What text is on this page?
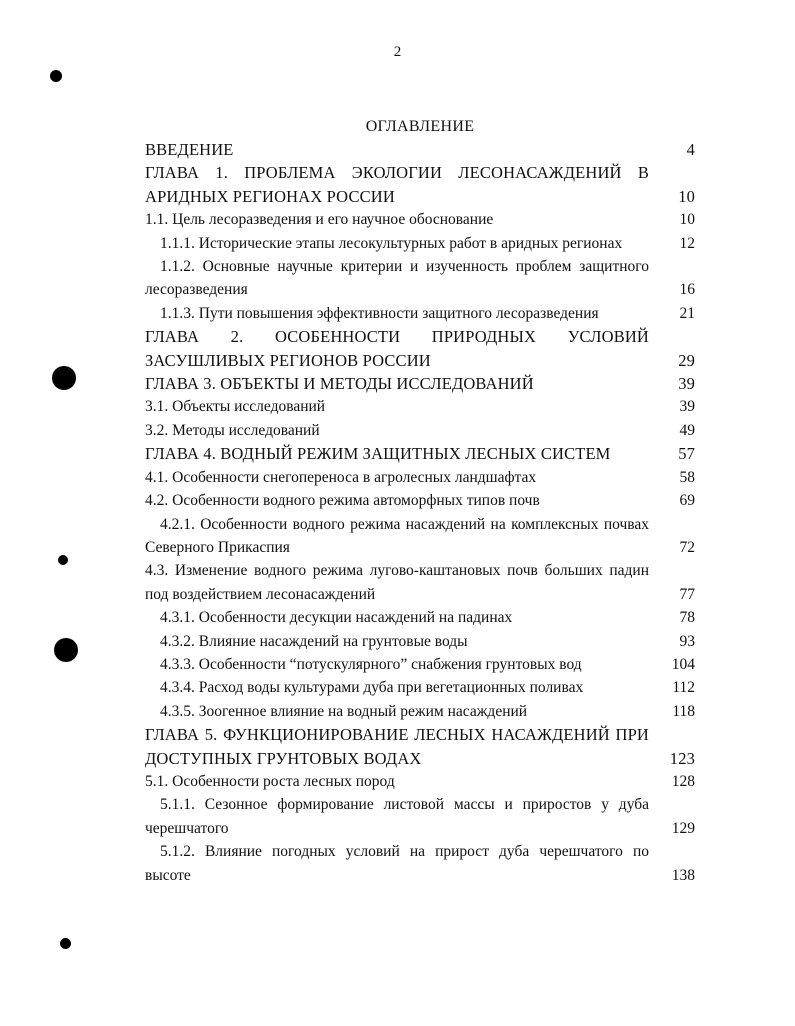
2
ОГЛАВЛЕНИЕ
ВВЕДЕНИЕ	4
ГЛАВА 1. ПРОБЛЕМА ЭКОЛОГИИ ЛЕСОНАСАЖДЕНИЙ В АРИДНЫХ РЕГИОНАХ РОССИИ	10
1.1. Цель лесоразведения и его научное обоснование	10
1.1.1. Исторические этапы лесокультурных работ в аридных регионах	12
1.1.2. Основные научные критерии и изученность проблем защитного лесоразведения	16
1.1.3. Пути повышения эффективности защитного лесоразведения	21
ГЛАВА 2. ОСОБЕННОСТИ ПРИРОДНЫХ УСЛОВИЙ ЗАСУШЛИВЫХ РЕГИОНОВ РОССИИ	29
ГЛАВА 3. ОБЪЕКТЫ И МЕТОДЫ ИССЛЕДОВАНИЙ	39
3.1. Объекты исследований	39
3.2. Методы исследований	49
ГЛАВА 4. ВОДНЫЙ РЕЖИМ ЗАЩИТНЫХ ЛЕСНЫХ СИСТЕМ	57
4.1. Особенности снегопереноса в агролесных ландшафтах	58
4.2. Особенности водного режима автоморфных типов почв	69
4.2.1. Особенности водного режима насаждений на комплексных почвах Северного Прикаспия	72
4.3. Изменение водного режима лугово-каштановых почв больших падин под воздействием лесонасаждений	77
4.3.1. Особенности десукции насаждений на падинах	78
4.3.2. Влияние насаждений на грунтовые воды	93
4.3.3. Особенности “потускулярного” снабжения грунтовых вод	104
4.3.4. Расход воды культурами дуба при вегетационных поливах	112
4.3.5. Зоогенное влияние на водный режим насаждений	118
ГЛАВА 5. ФУНКЦИОНИРОВАНИЕ ЛЕСНЫХ НАСАЖДЕНИЙ ПРИ ДОСТУПНЫХ ГРУНТОВЫХ ВОДАХ	123
5.1. Особенности роста лесных пород	128
5.1.1. Сезонное формирование листовой массы и приростов у дуба черешчатого	129
5.1.2. Влияние погодных условий на прирост дуба черешчатого по высоте	138
